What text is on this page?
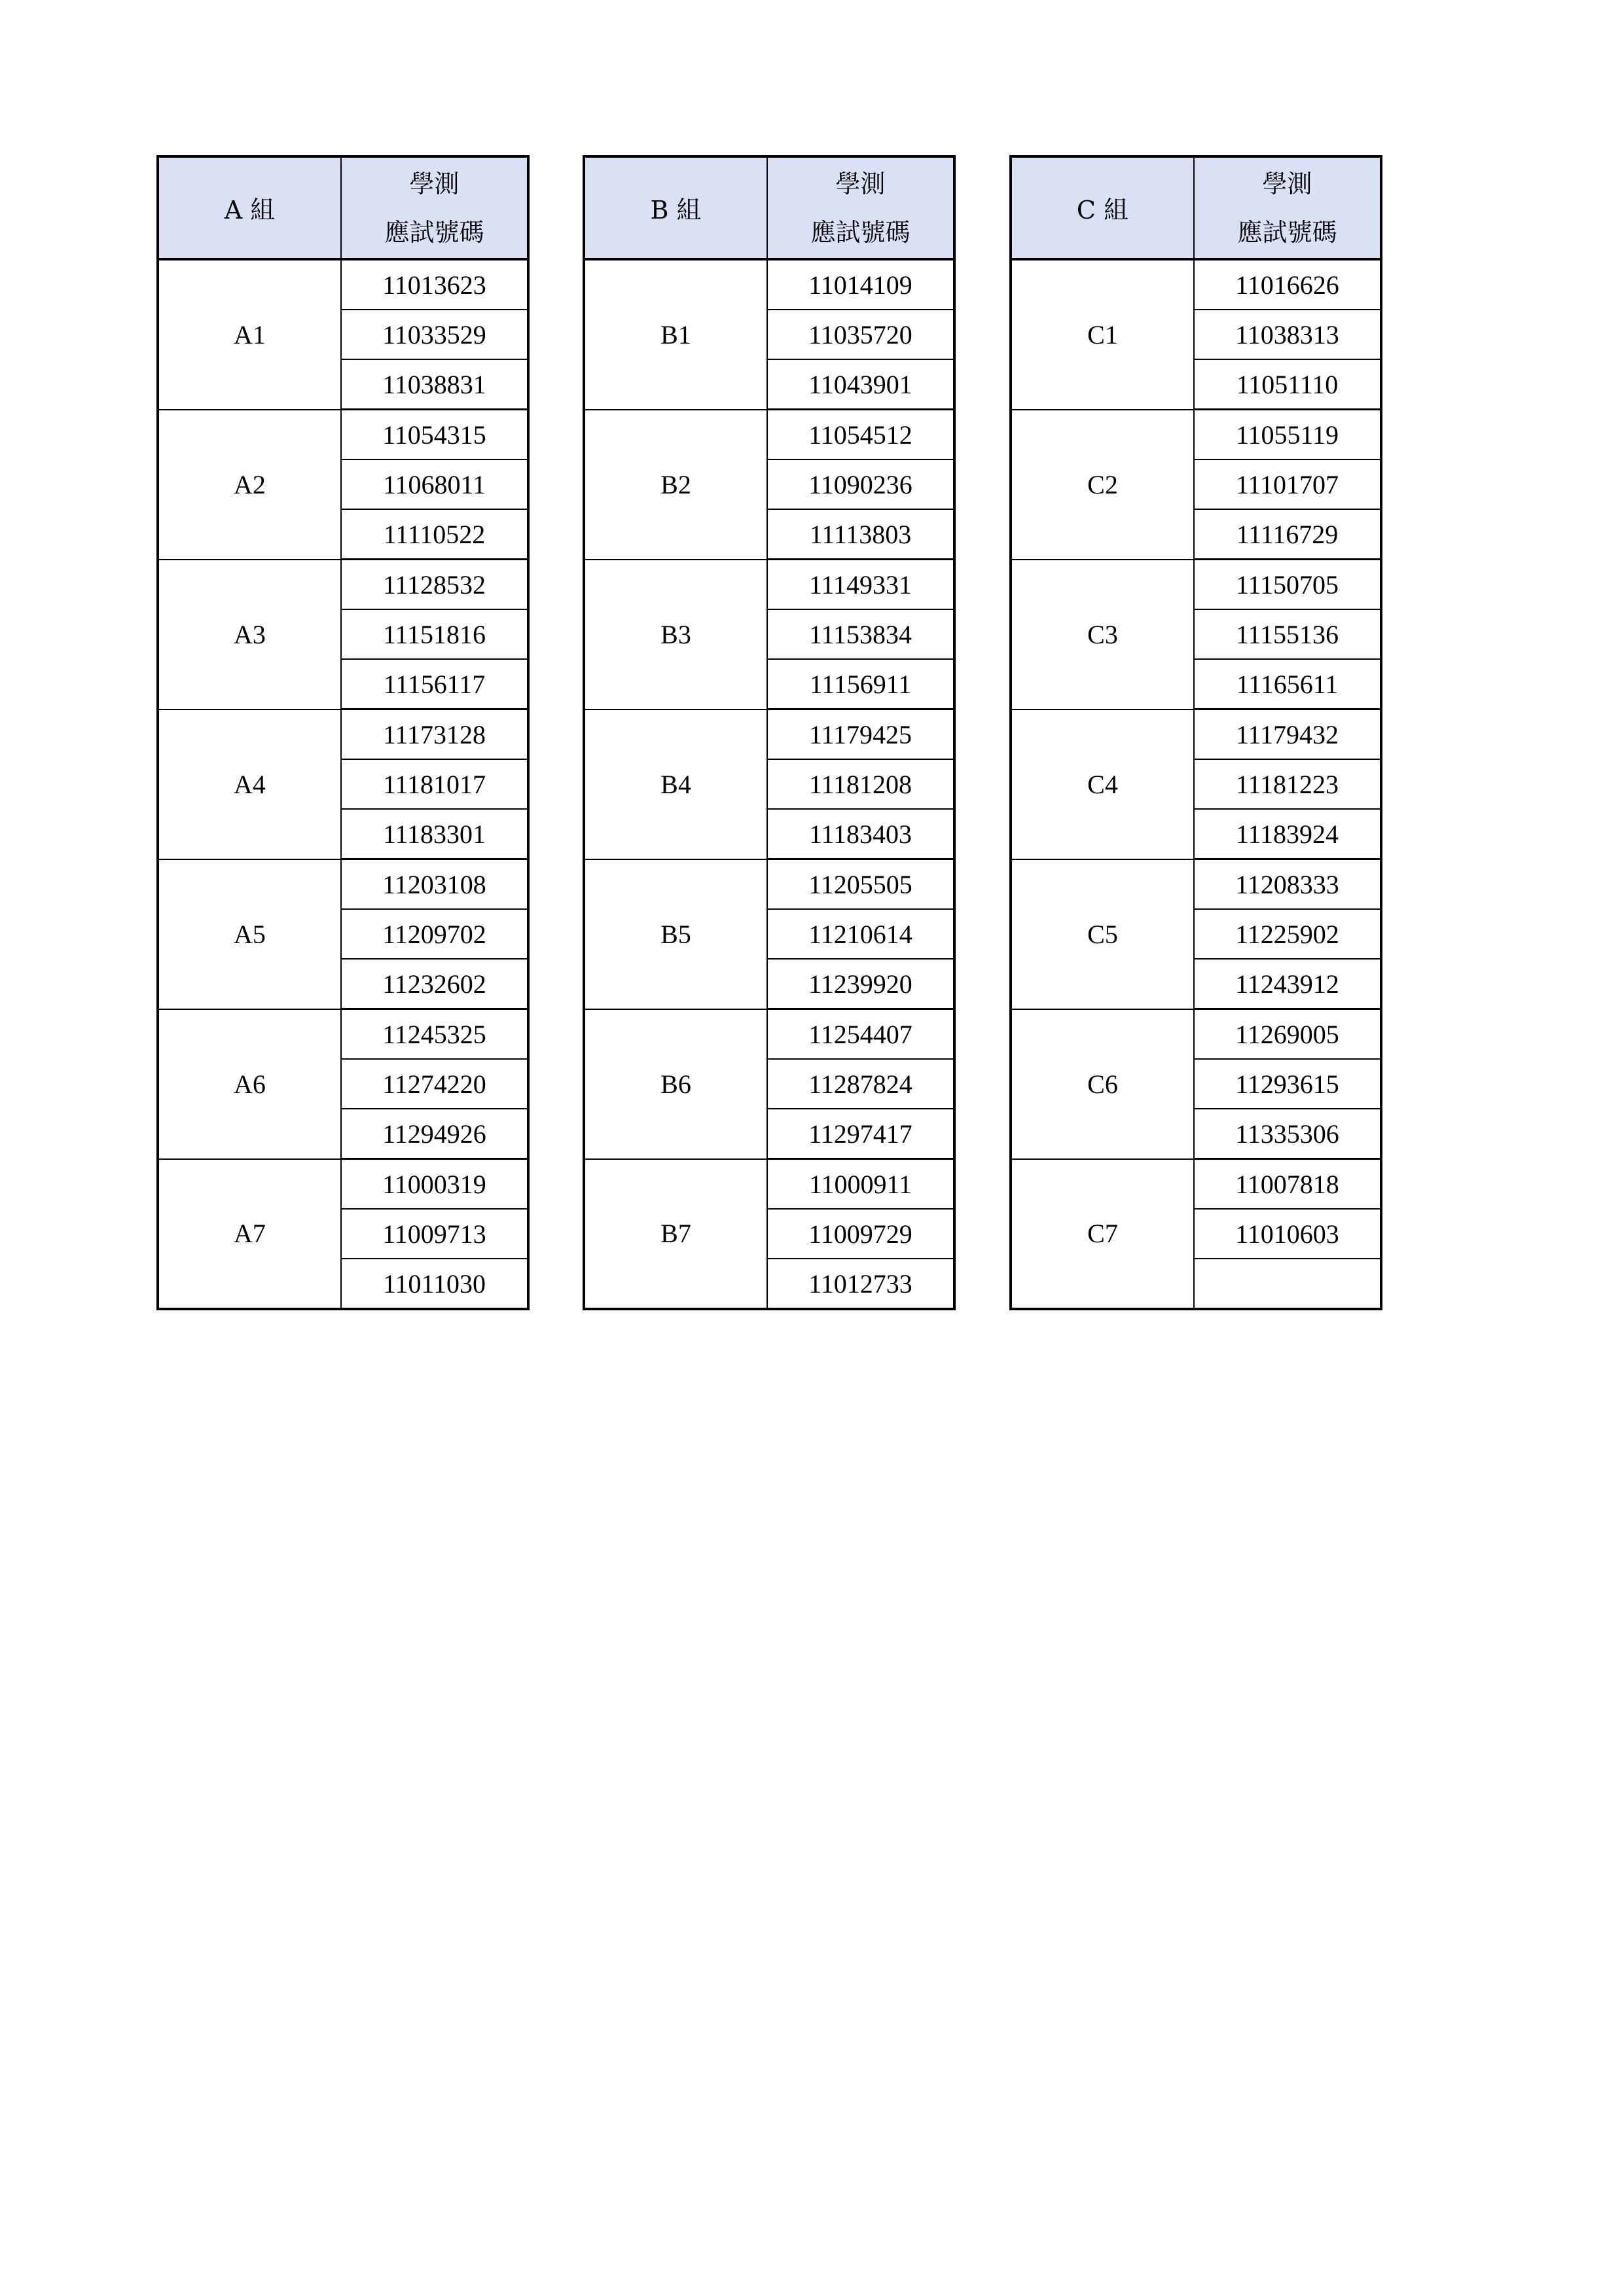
A 組	學測
應試號碼

A1	11013623
	11033529
	11038831
A2	11054315
	11068011
	11110522
A3	11128532
	11151816
	11156117
A4	11173128
	11181017
	11183301
A5	11203108
	11209702
	11232602
A6	11245325
	11274220
	11294926
A7	11000319
	11009713
	11011030
B 組	學測
應試號碼

B1	11014109
	11035720
	11043901
B2	11054512
	11090236
	11113803
B3	11149331
	11153834
	11156911
B4	11179425
	11181208
	11183403
B5	11205505
	11210614
	11239920
B6	11254407
	11287824
	11297417
B7	11000911
	11009729
	11012733
C 組	學測
應試號碼

C1	11016626
	11038313
	11051110
C2	11055119
	11101707
	11116729
C3	11150705
	11155136
	11165611
C4	11179432
	11181223
	11183924
C5	11208333
	11225902
	11243912
C6	11269005
	11293615
	11335306
C7	11007818
	11010603
